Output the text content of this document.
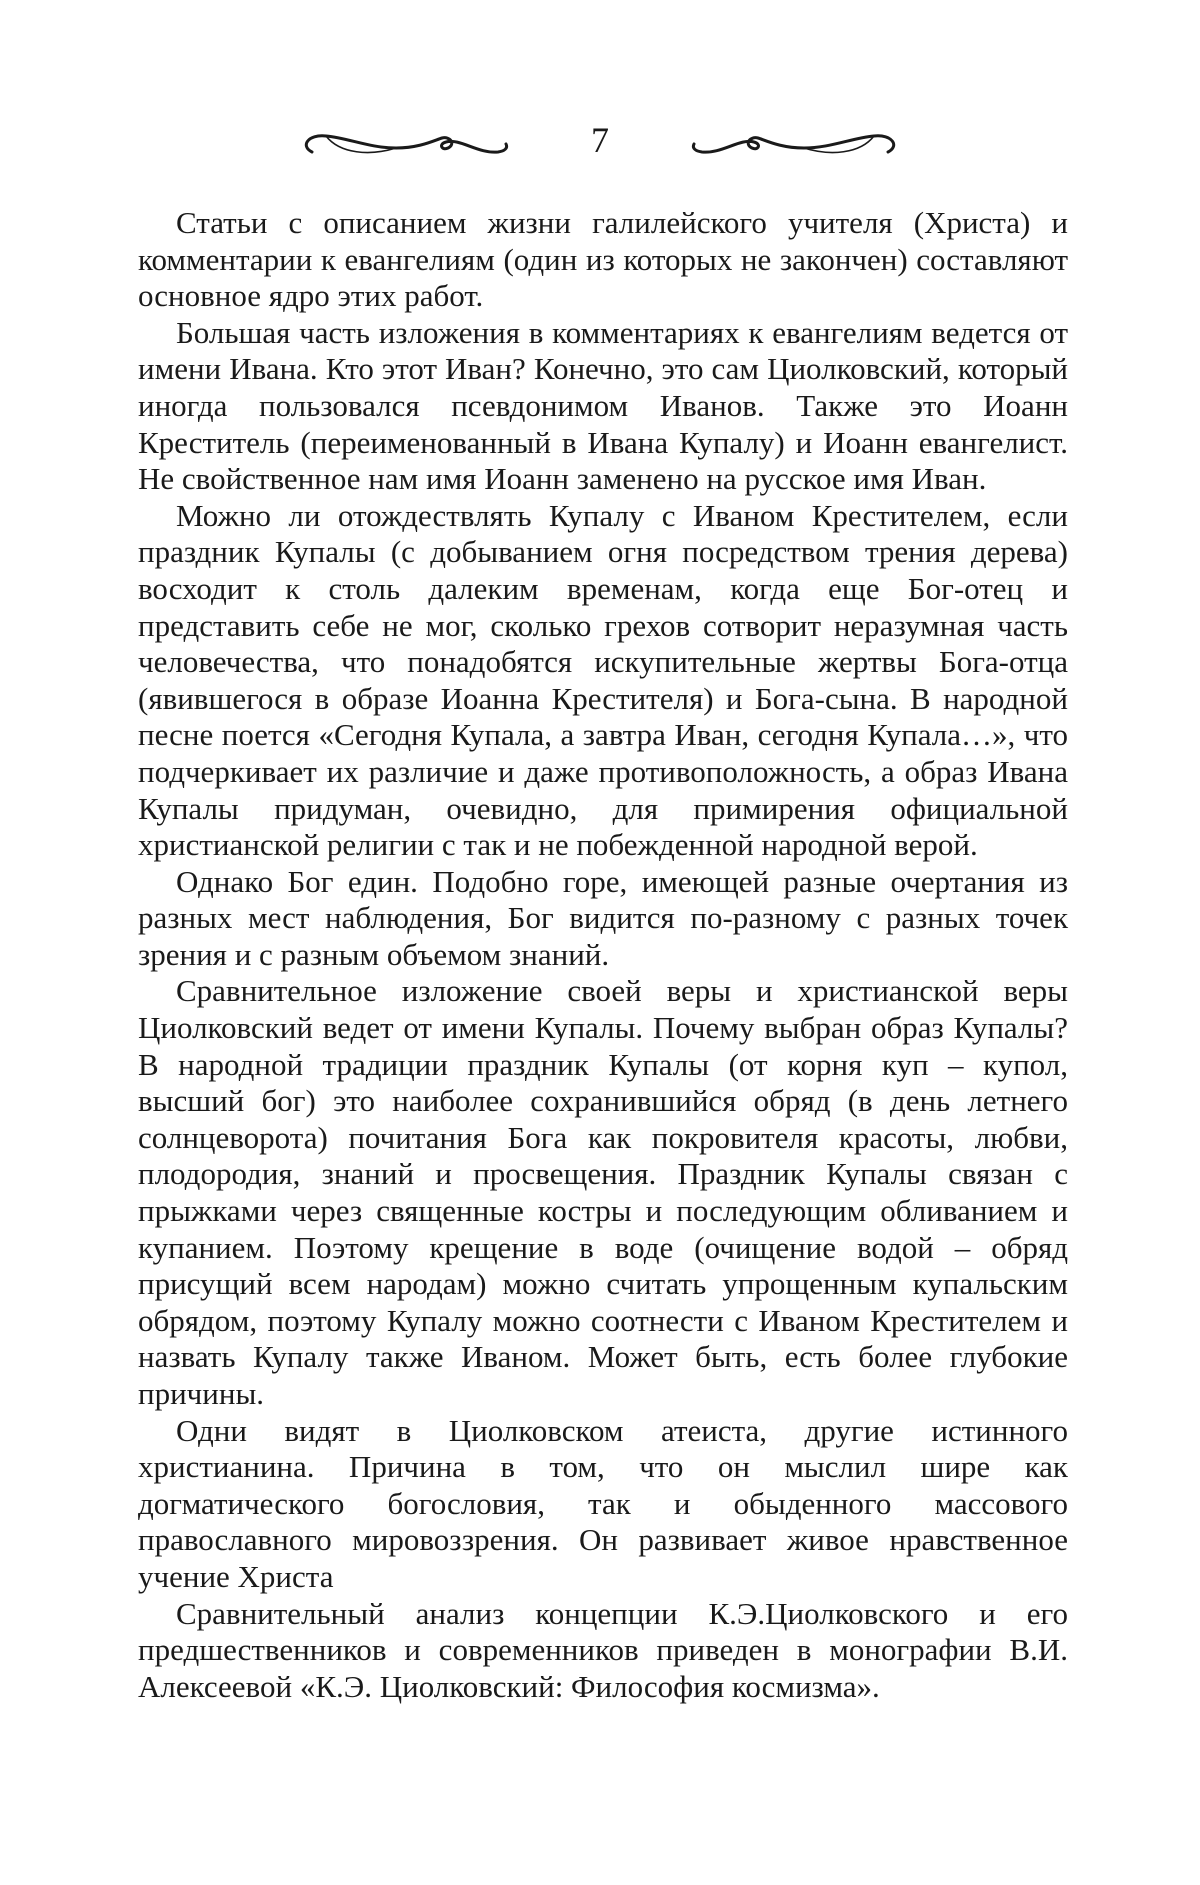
7

Статьи с описанием жизни галилейского учителя (Христа) и комментарии к евангелиям (один из которых не закончен) составляют основное ядро этих работ.

Большая часть изложения в комментариях к евангелиям ведется от имени Ивана. Кто этот Иван? Конечно, это сам Циолковский, который иногда пользовался псевдонимом Иванов. Также это Иоанн Креститель (переименованный в Ивана Купалу) и Иоанн евангелист. Не свойственное нам имя Иоанн заменено на русское имя Иван.

Можно ли отождествлять Купалу с Иваном Крестителем, если праздник Купалы (с добыванием огня посредством трения дерева) восходит к столь далеким временам, когда еще Бог-отец и представить себе не мог, сколько грехов сотворит неразумная часть человечества, что понадобятся искупительные жертвы Бога-отца (явившегося в образе Иоанна Крестителя) и Бога-сына. В народной песне поется «Сегодня Купала, а завтра Иван, сегодня Купала…», что подчеркивает их различие и даже противоположность, а образ Ивана Купалы придуман, очевидно, для примирения официальной христианской религии с так и не побежденной народной верой.

Однако Бог един. Подобно горе, имеющей разные очертания из разных мест наблюдения, Бог видится по-разному с разных точек зрения и с разным объемом знаний.

Сравнительное изложение своей веры и христианской веры Циолковский ведет от имени Купалы. Почему выбран образ Купалы? В народной традиции праздник Купалы (от корня куп – купол, высший бог) это наиболее сохранившийся обряд (в день летнего солнцеворота) почитания Бога как покровителя красоты, любви, плодородия, знаний и просвещения. Праздник Купалы связан с прыжками через священные костры и последующим обливанием и купанием. Поэтому крещение в воде (очищение водой – обряд присущий всем народам) можно считать упрощенным купальским обрядом, поэтому Купалу можно соотнести с Иваном Крестителем и назвать Купалу также Иваном. Может быть, есть более глубокие причины.

Одни видят в Циолковском атеиста, другие истинного христианина. Причина в том, что он мыслил шире как догматического богословия, так и обыденного массового православного мировоззрения. Он развивает живое нравственное учение Христа

Сравнительный анализ концепции К.Э.Циолковского и его предшественников и современников приведен в монографии В.И. Алексеевой «К.Э. Циолковский: Философия космизма».
